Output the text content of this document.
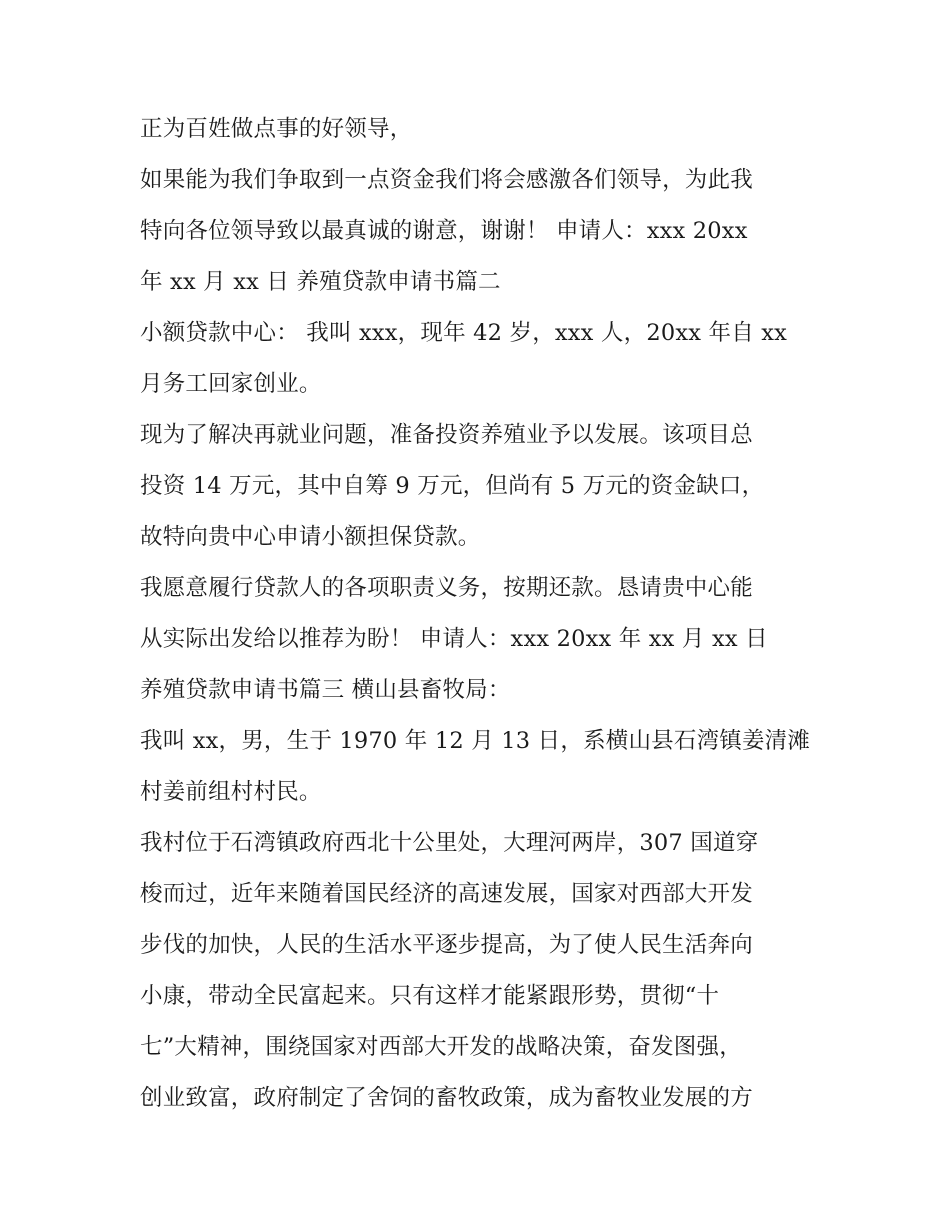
正为百姓做点事的好领导，
如果能为我们争取到一点资金我们将会感激各们领导，为此我
特向各位领导致以最真诚的谢意，谢谢！ 申请人：xxx 20xx
年 xx 月 xx 日 养殖贷款申请书篇二
小额贷款中心： 我叫 xxx，现年 42 岁，xxx 人，20xx 年自 xx
月务工回家创业。
现为了解决再就业问题，准备投资养殖业予以发展。该项目总
投资 14 万元，其中自筹 9 万元，但尚有 5 万元的资金缺口，
故特向贵中心申请小额担保贷款。
我愿意履行贷款人的各项职责义务，按期还款。恳请贵中心能
从实际出发给以推荐为盼！ 申请人：xxx 20xx 年 xx 月 xx 日
养殖贷款申请书篇三 横山县畜牧局：
我叫 xx，男，生于 1970 年 12 月 13 日，系横山县石湾镇姜清滩
村姜前组村村民。
我村位于石湾镇政府西北十公里处，大理河两岸，307 国道穿
梭而过，近年来随着国民经济的高速发展，国家对西部大开发
步伐的加快，人民的生活水平逐步提高，为了使人民生活奔向
小康，带动全民富起来。只有这样才能紧跟形势，贯彻“十
七”大精神，围绕国家对西部大开发的战略决策，奋发图强，
创业致富，政府制定了舍饲的畜牧政策，成为畜牧业发展的方
